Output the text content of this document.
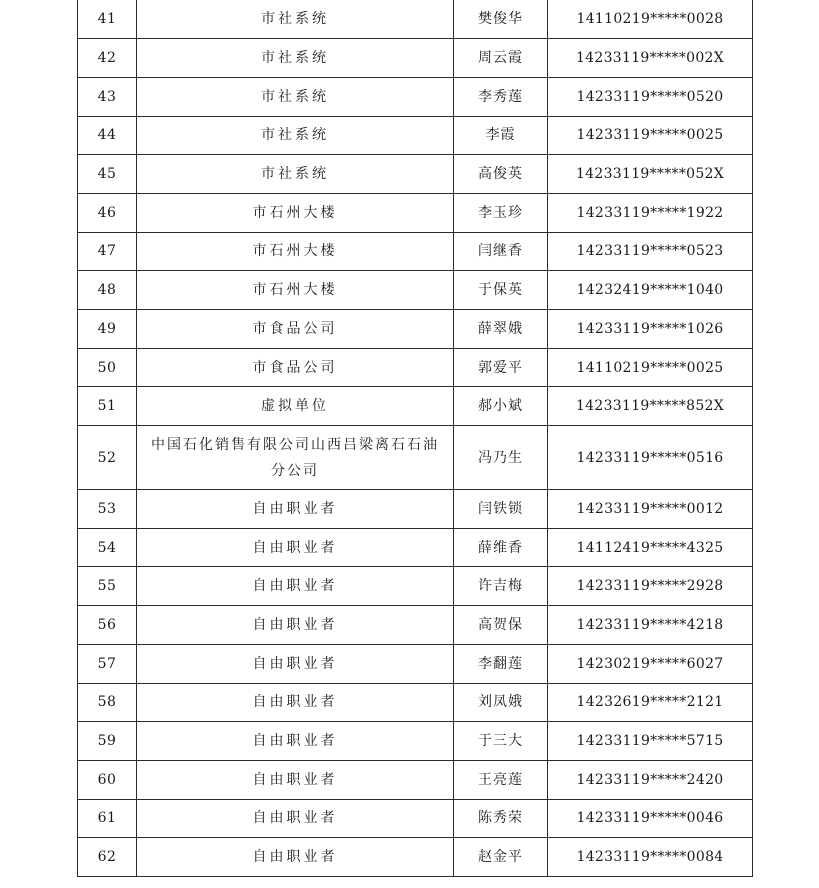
41	市社系统	樊俊华	14110219*****0028
42	市社系统	周云霞	14233119*****002X
43	市社系统	李秀莲	14233119*****0520
44	市社系统	李霞	14233119*****0025
45	市社系统	高俊英	14233119*****052X
46	市石州大楼	李玉珍	14233119*****1922
47	市石州大楼	闫继香	14233119*****0523
48	市石州大楼	于保英	14232419*****1040
49	市食品公司	薛翠娥	14233119*****1026
50	市食品公司	郭爱平	14110219*****0025
51	虚拟单位	郝小斌	14233119*****852X
52	中国石化销售有限公司山西吕梁离石石油分公司	冯乃生	14233119*****0516
53	自由职业者	闫铁锁	14233119*****0012
54	自由职业者	薛维香	14112419*****4325
55	自由职业者	许吉梅	14233119*****2928
56	自由职业者	高贺保	14233119*****4218
57	自由职业者	李翻莲	14230219*****6027
58	自由职业者	刘凤娥	14232619*****2121
59	自由职业者	于三大	14233119*****5715
60	自由职业者	王亮莲	14233119*****2420
61	自由职业者	陈秀荣	14233119*****0046
62	自由职业者	赵金平	14233119*****0084
